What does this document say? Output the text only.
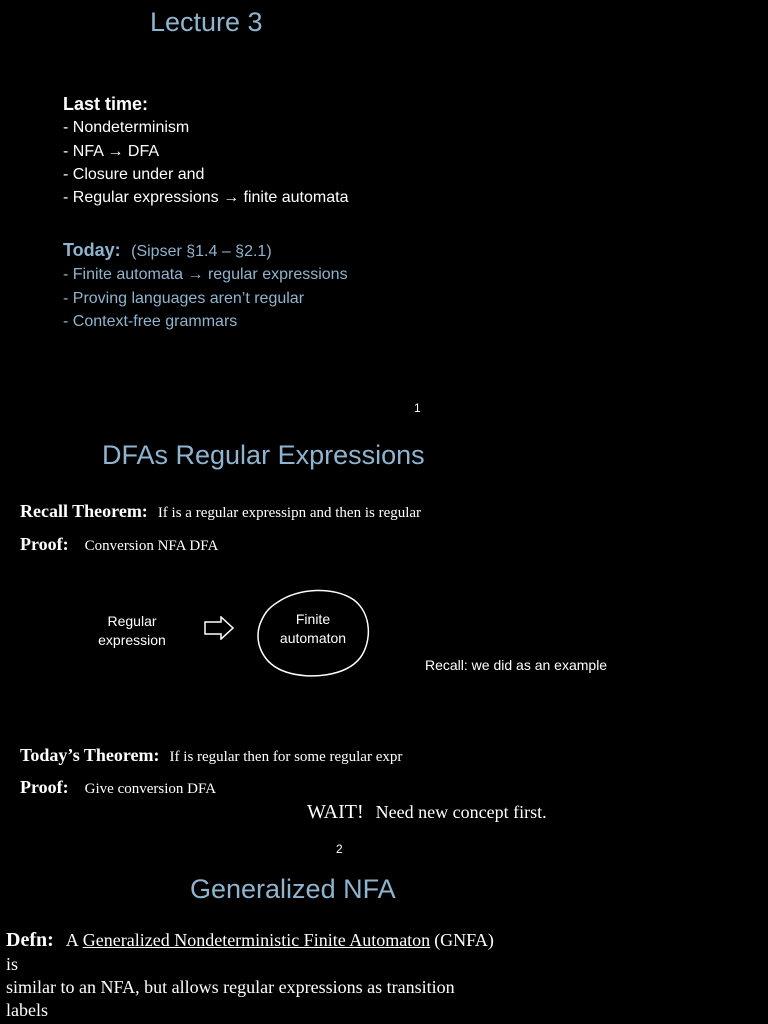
Lecture 3
Last time:
- Nondeterminism
- NFA → DFA
- Closure under and
- Regular expressions → finite automata
Today: (Sipser §1.4 – §2.1)
- Finite automata → regular expressions
- Proving languages aren’t regular
- Context-free grammars
1
DFAs Regular Expressions
Recall Theorem: If is a regular expressipn and then is regular
Proof: Conversion NFA DFA
Regular
expression
Finite
automaton
Recall: we did as an example
Today’s Theorem: If is regular then for some regular expr
Proof: Give conversion DFA
WAIT! Need new concept first.
2
Generalized NFA
Defn: A Generalized Nondeterministic Finite Automaton (GNFA)
is
similar to an NFA, but allows regular expressions as transition
labels
